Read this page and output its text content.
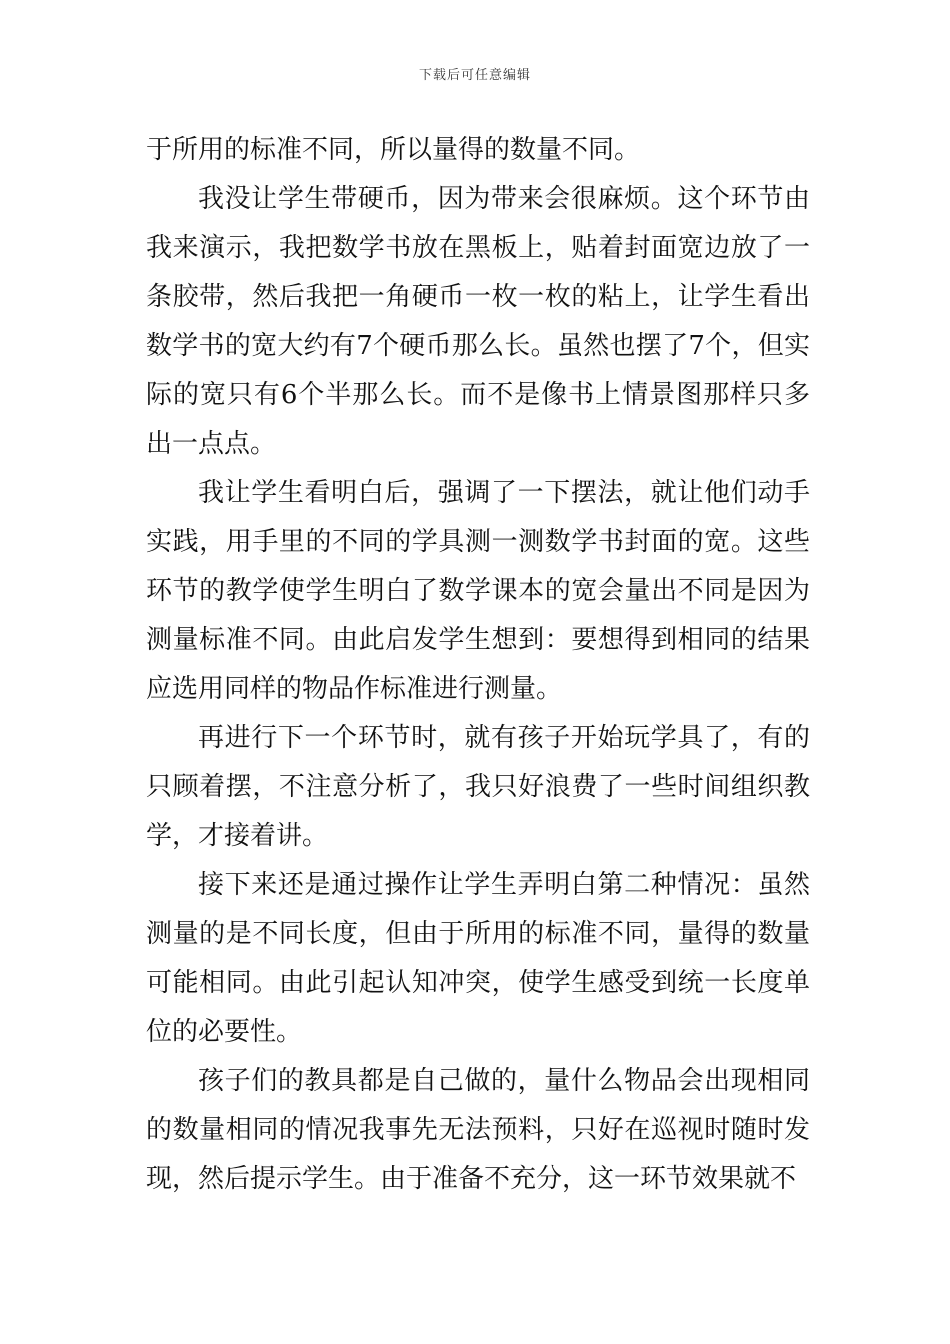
下载后可任意编辑

于所用的标准不同，所以量得的数量不同。

我没让学生带硬币，因为带来会很麻烦。这个环节由我来演示，我把数学书放在黑板上，贴着封面宽边放了一条胶带，然后我把一角硬币一枚一枚的粘上，让学生看出数学书的宽大约有7个硬币那么长。虽然也摆了7个，但实际的宽只有6个半那么长。而不是像书上情景图那样只多出一点点。

我让学生看明白后，强调了一下摆法，就让他们动手实践，用手里的不同的学具测一测数学书封面的宽。这些环节的教学使学生明白了数学课本的宽会量出不同是因为测量标准不同。由此启发学生想到：要想得到相同的结果应选用同样的物品作标准进行测量。

再进行下一个环节时，就有孩子开始玩学具了，有的只顾着摆，不注意分析了，我只好浪费了一些时间组织教学，才接着讲。

接下来还是通过操作让学生弄明白第二种情况：虽然测量的是不同长度，但由于所用的标准不同，量得的数量可能相同。由此引起认知冲突，使学生感受到统一长度单位的必要性。

孩子们的教具都是自己做的，量什么物品会出现相同的数量相同的情况我事先无法预料，只好在巡视时随时发现，然后提示学生。由于准备不充分，这一环节效果就不
